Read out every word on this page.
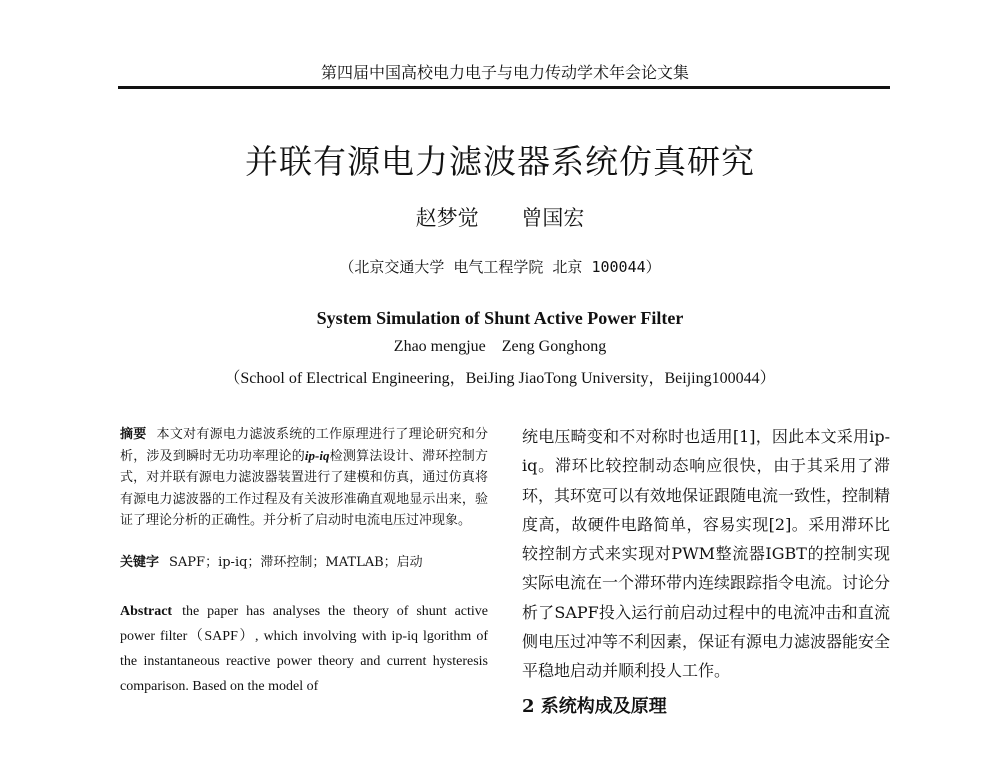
第四届中国高校电力电子与电力传动学术年会论文集
并联有源电力滤波器系统仿真研究
赵梦觉 曾国宏
（北京交通大学 电气工程学院 北京 100044）
System Simulation of Shunt Active Power Filter
Zhao mengjue Zeng Gonghong
（School of Electrical Engineering，BeiJing JiaoTong University，Beijing100044）
摘要 本文对有源电力滤波系统的工作原理进行了理论研究和分析，涉及到瞬时无功功率理论的ip-iq检测算法设计、滞环控制方式，对并联有源电力滤波器装置进行了建模和仿真，通过仿真将有源电力滤波器的工作过程及有关波形准确直观地显示出来，验证了理论分析的正确性。并分析了启动时电流电压过冲现象。
关键字 SAPF；ip-iq；滞环控制；MATLAB；启动
Abstract the paper has analyses the theory of shunt active power filter（SAPF）, which involving with ip-iq lgorithm of the instantaneous reactive power theory and current hysteresis comparison. Based on the model of
统电压畸变和不对称时也适用[1]，因此本文采用ip-iq。滞环比较控制动态响应很快，由于其采用了滞环，其环宽可以有效地保证跟随电流一致性，控制精度高，故硬件电路简单，容易实现[2]。采用滞环比较控制方式来实现对PWM整流器IGBT的控制实现实际电流在一个滞环带内连续跟踪指令电流。讨论分析了SAPF投入运行前启动过程中的电流冲击和直流侧电压过冲等不利因素，保证有源电力滤波器能安全平稳地启动并顺利投人工作。
2 系统构成及原理
